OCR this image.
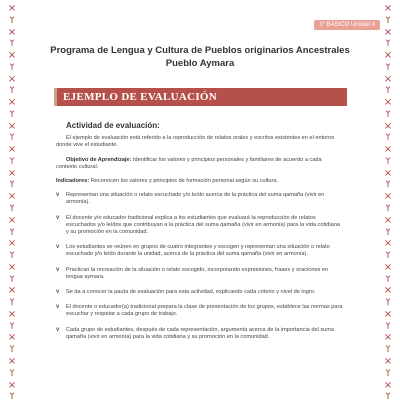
1° BÁSICO Unidad 4
Programa de Lengua y Cultura de Pueblos originarios Ancestrales
Pueblo Aymara
EJEMPLO DE EVALUACIÓN
Actividad de evaluación:

El ejemplo de evaluación está referido a la reproducción de relatos orales y escritos existentes en el entorno donde vive el estudiante.

Objetivo de Aprendizaje: Identificar los valores y principios personales y familiares de acuerdo a cada contexto cultural.

Indicadores: Reconocen los valores y principios de formación personal según su cultura.

v	Representan una situación o relato escuchado y/o leído acerca de la práctica del suma qamaña (vivir en armonía).
v	El docente y/o educador tradicional explica a los estudiantes que evaluará la reproducción de relatos escuchados y/o leídos que contribuyan a la práctica del suma qamaña (vivir en armonía) para la vida cotidiana y su promoción en la comunidad.
v	Los estudiantes se reúnen en grupos de cuatro integrantes y escogen y representan una situación o relato escuchado y/o leído durante la unidad, acerca de la práctica del suma qamaña (vivir en armonía).
v	Practican la recreación de la situación o relato escogido, incorporando expresiones, frases y oraciones en lengua aymara.
v	Se da a conocer la pauta de evaluación para esta actividad, explicando cada criterio y nivel de logro.
v	El docente o educador(a) tradicional prepara la clase de presentación de los grupos, establece las normas para escuchar y respetar a cada grupo de trabajo.
v	Cada grupo de estudiantes, después de cada representación, argumenta acerca de la importancia del suma qamaña (vivir en armonía) para la vida cotidiana y su promoción en la comunidad.
